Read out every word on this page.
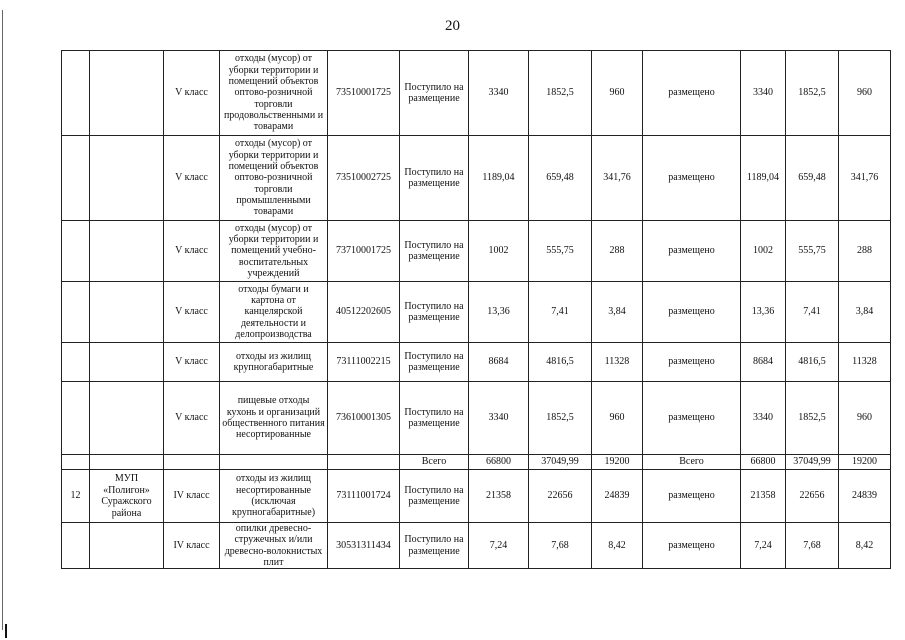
20
		V класс	отходы (мусор) от уборки территории и помещений объектов оптово-розничной торговли продовольственными и товарами	73510001725	Поступило на размещение	3340	1852,5	960	размещено	3340	1852,5	960
		V класс	отходы (мусор) от уборки территории и помещений объектов оптово-розничной торговли промышленными товарами	73510002725	Поступило на размещение	1189,04	659,48	341,76	размещено	1189,04	659,48	341,76
		V класс	отходы (мусор) от уборки территории и помещений учебно-воспитательных учреждений	73710001725	Поступило на размещение	1002	555,75	288	размещено	1002	555,75	288
		V класс	отходы бумаги и картона от канцелярской деятельности и делопроизводства	40512202605	Поступило на размещение	13,36	7,41	3,84	размещено	13,36	7,41	3,84
		V класс	отходы из жилищ крупногабаритные	73111002215	Поступило на размещение	8684	4816,5	11328	размещено	8684	4816,5	11328
		V класс	пищевые отходы кухонь и организаций общественного питания несортированные	73610001305	Поступило на размещение	3340	1852,5	960	размещено	3340	1852,5	960
					Всего	66800	37049,99	19200	Всего	66800	37049,99	19200
12	МУП «Полигон» Суражского района	IV класс	отходы из жилищ несортированные (исключая крупногабаритные)	73111001724	Поступило на размещение	21358	22656	24839	размещено	21358	22656	24839
		IV класс	опилки древесно-стружечных и/или древесно-волокнистых плит	30531311434	Поступило на размещение	7,24	7,68	8,42	размещено	7,24	7,68	8,42
